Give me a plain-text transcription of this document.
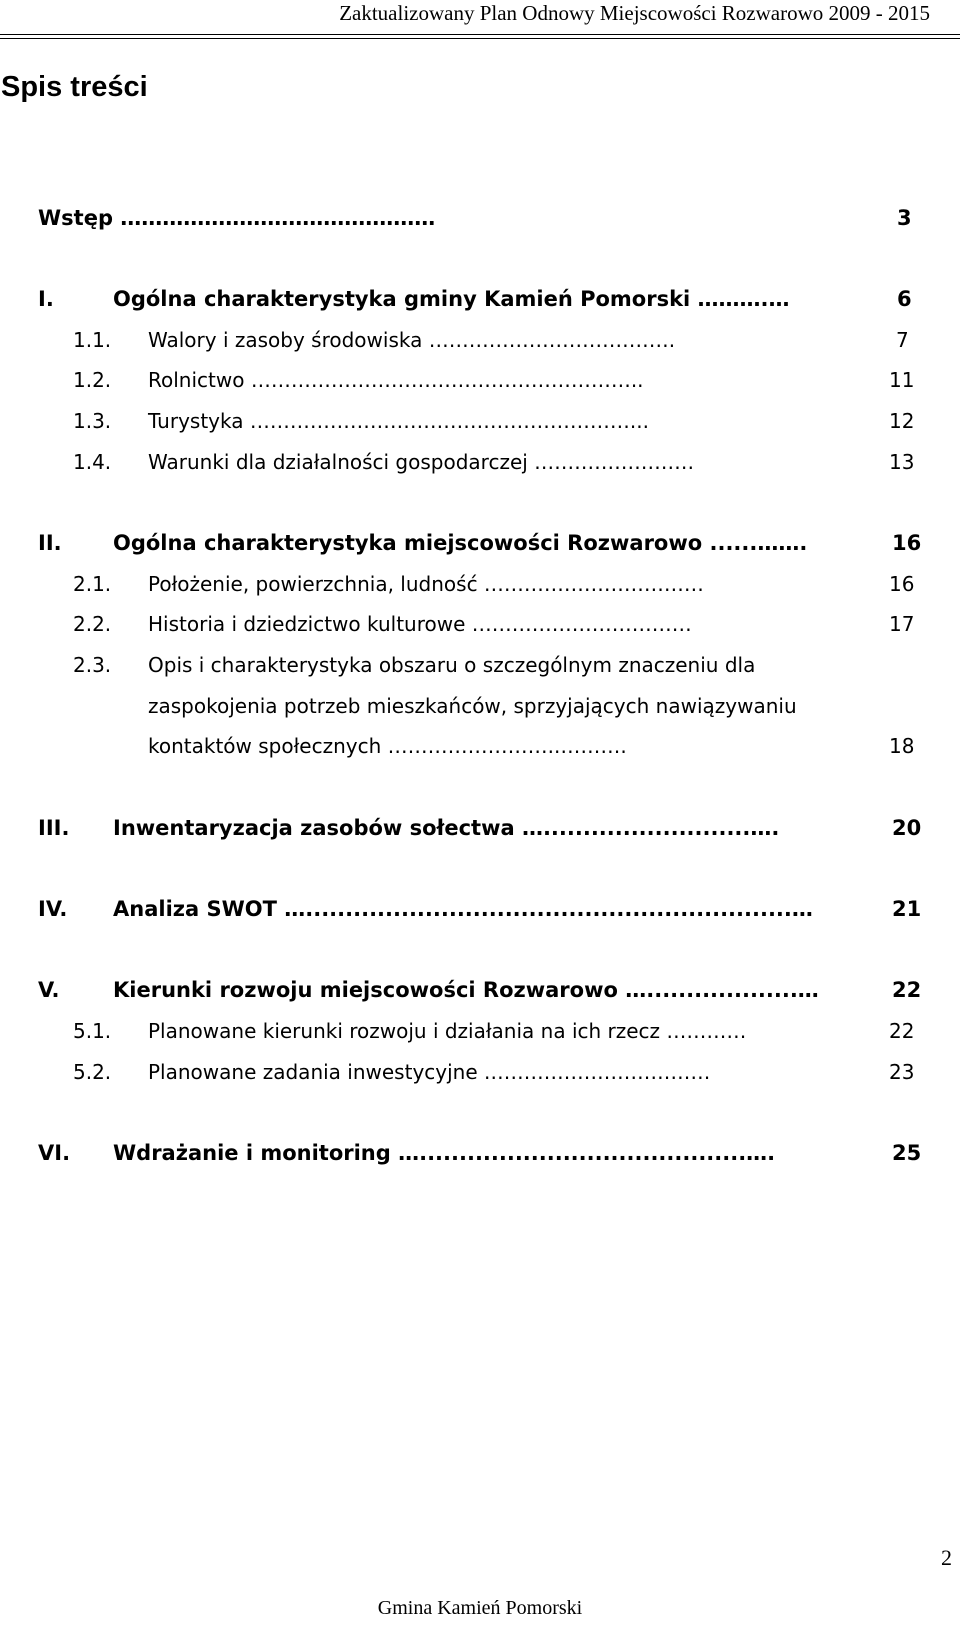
Zaktualizowany Plan Odnowy Miejscowości Rozwarowo 2009 - 2015
Spis treści
Wstęp ………………………………………	3
I.	Ogólna charakterystyka gminy Kamień Pomorski ……….…	6
1.1. Walory i zasoby środowiska ……………………………….	7
1.2. Rolnictwo …………………………………………………..	11
1.3. Turystyka …………………………………………………...	12
1.4. Warunki dla działalności gospodarczej ……………………	13
II. Ogólna charakterystyka miejscowości Rozwarowo ......…….	16
2.1. Położenie, powierzchnia, ludność ……………………………	16
2.2. Historia i dziedzictwo kulturowe ……………………………	17
2.3. Opis i charakterystyka obszaru o szczególnym znaczeniu dla
zaspokojenia potrzeb mieszkańców, sprzyjających nawiązywaniu
kontaktów społecznych ……………………..……….	18
III. Inwentaryzacja zasobów sołectwa …..........................….	20
IV. Analiza SWOT ….............................................................…	21
V.	Kierunki rozwoju miejscowości Rozwarowo …...................…	22
5.1. Planowane kierunki rozwoju i działania na ich rzecz …………	22
5.2. Planowane zadania inwestycyjne .……………………………	23
VI. Wdrażanie i monitoring ….........................................….	25
2
Gmina Kamień Pomorski
